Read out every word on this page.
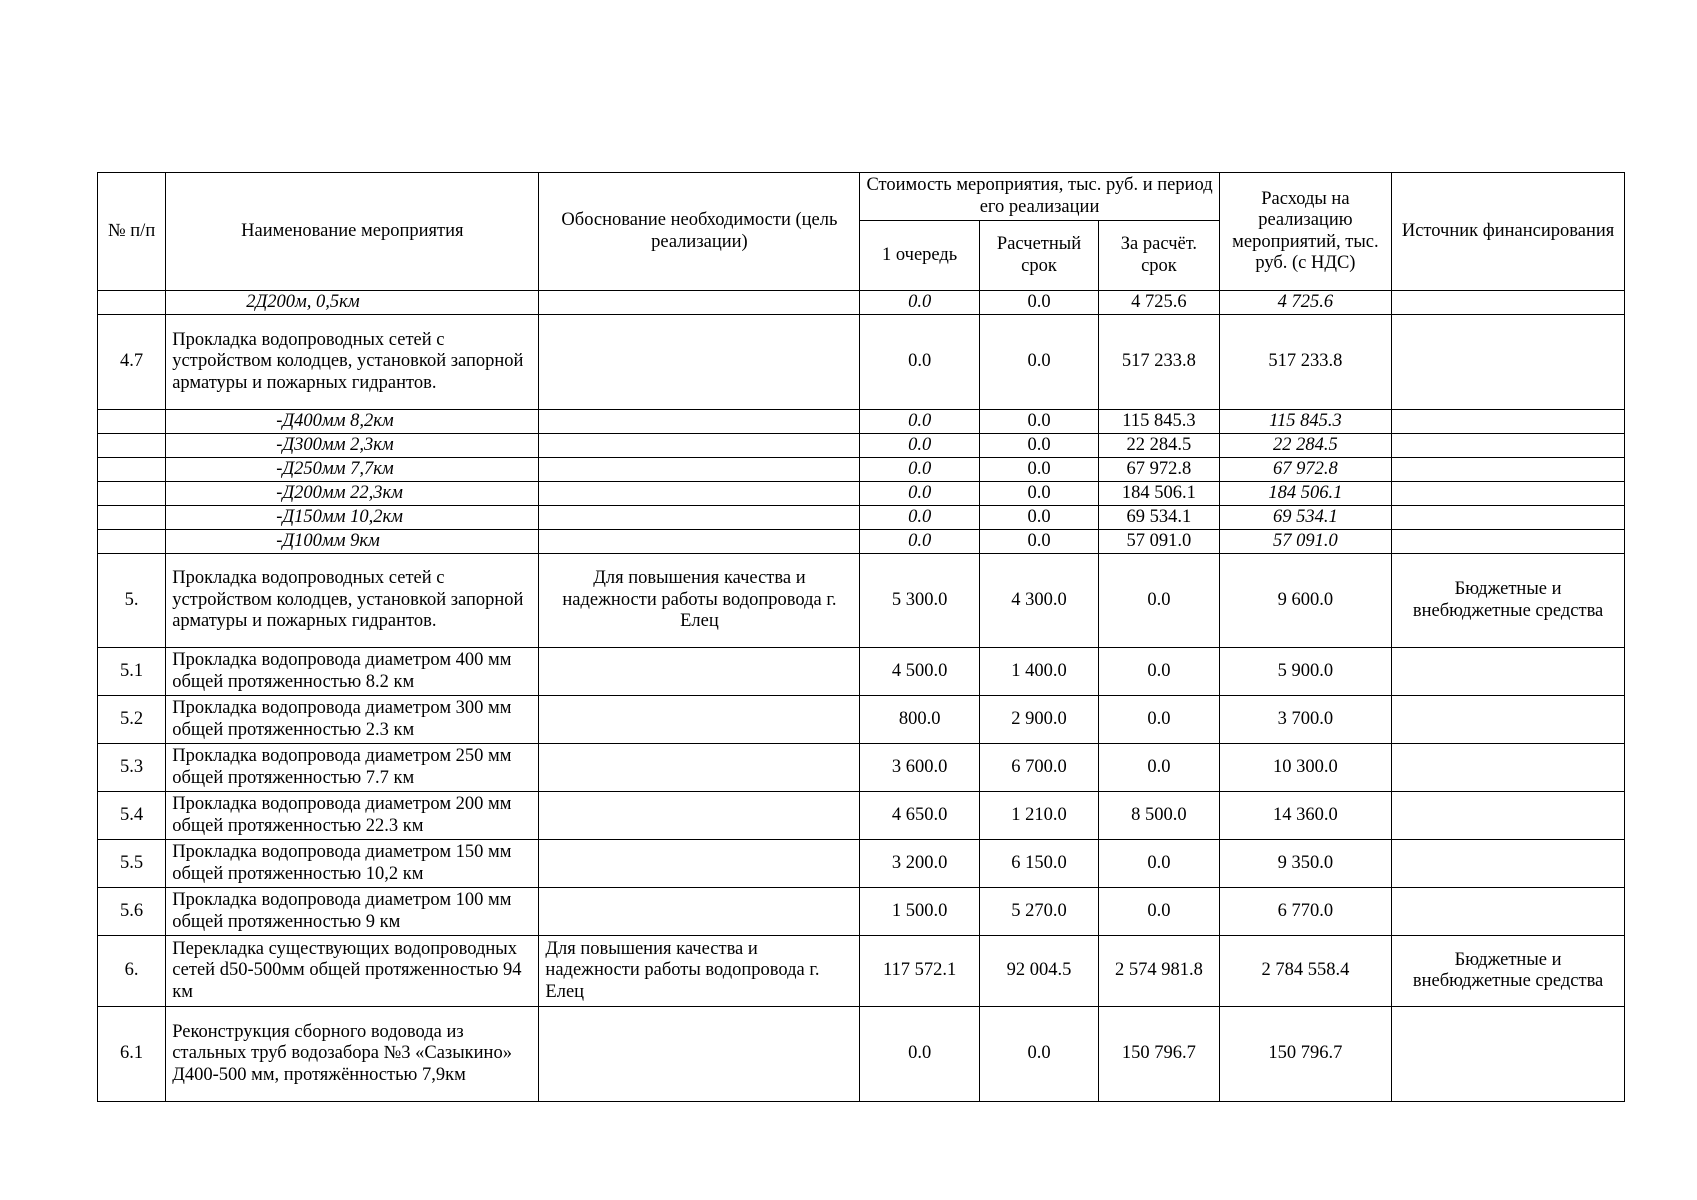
№ п/п	Наименование мероприятия	Обоснование необходимости (цель реализации)	Стоимость мероприятия, тыс. руб. и период его реализации			Расходы на реализацию мероприятий, тыс. руб. (с НДС)	Источник финансирования
			1 очередь	Расчетный срок	За расчёт. срок		
	2Д200м, 0,5км		0.0	0.0	4 725.6	4 725.6	
4.7	Прокладка водопроводных сетей с устройством колодцев, установкой запорной арматуры и пожарных гидрантов.		0.0	0.0	517 233.8	517 233.8	
	-Д400мм 8,2км		0.0	0.0	115 845.3	115 845.3	
	-Д300мм 2,3км		0.0	0.0	22 284.5	22 284.5	
	-Д250мм 7,7км		0.0	0.0	67 972.8	67 972.8	
	-Д200мм 22,3км		0.0	0.0	184 506.1	184 506.1	
	-Д150мм 10,2км		0.0	0.0	69 534.1	69 534.1	
	-Д100мм 9км		0.0	0.0	57 091.0	57 091.0	
5.	Прокладка водопроводных сетей с устройством колодцев, установкой запорной арматуры и пожарных гидрантов.	Для повышения качества и надежности работы водопровода г. Елец	5 300.0	4 300.0	0.0	9 600.0	Бюджетные и внебюджетные средства
5.1	Прокладка водопровода диаметром 400 мм общей протяженностью 8.2 км		4 500.0	1 400.0	0.0	5 900.0	
5.2	Прокладка водопровода диаметром 300 мм общей протяженностью 2.3 км		800.0	2 900.0	0.0	3 700.0	
5.3	Прокладка водопровода диаметром 250 мм общей протяженностью 7.7 км		3 600.0	6 700.0	0.0	10 300.0	
5.4	Прокладка водопровода диаметром 200 мм общей протяженностью 22.3 км		4 650.0	1 210.0	8 500.0	14 360.0	
5.5	Прокладка водопровода диаметром 150 мм общей протяженностью 10,2 км		3 200.0	6 150.0	0.0	9 350.0	
5.6	Прокладка водопровода диаметром 100 мм общей протяженностью 9 км		1 500.0	5 270.0	0.0	6 770.0	
6.	Перекладка существующих водопроводных сетей d50-500мм общей протяженностью 94 км	Для повышения качества и надежности работы водопровода г. Елец	117 572.1	92 004.5	2 574 981.8	2 784 558.4	Бюджетные и внебюджетные средства
6.1	Реконструкция сборного водовода из стальных труб водозабора №3 «Сазыкино» Д400-500 мм, протяжённостью 7,9км		0.0	0.0	150 796.7	150 796.7	
